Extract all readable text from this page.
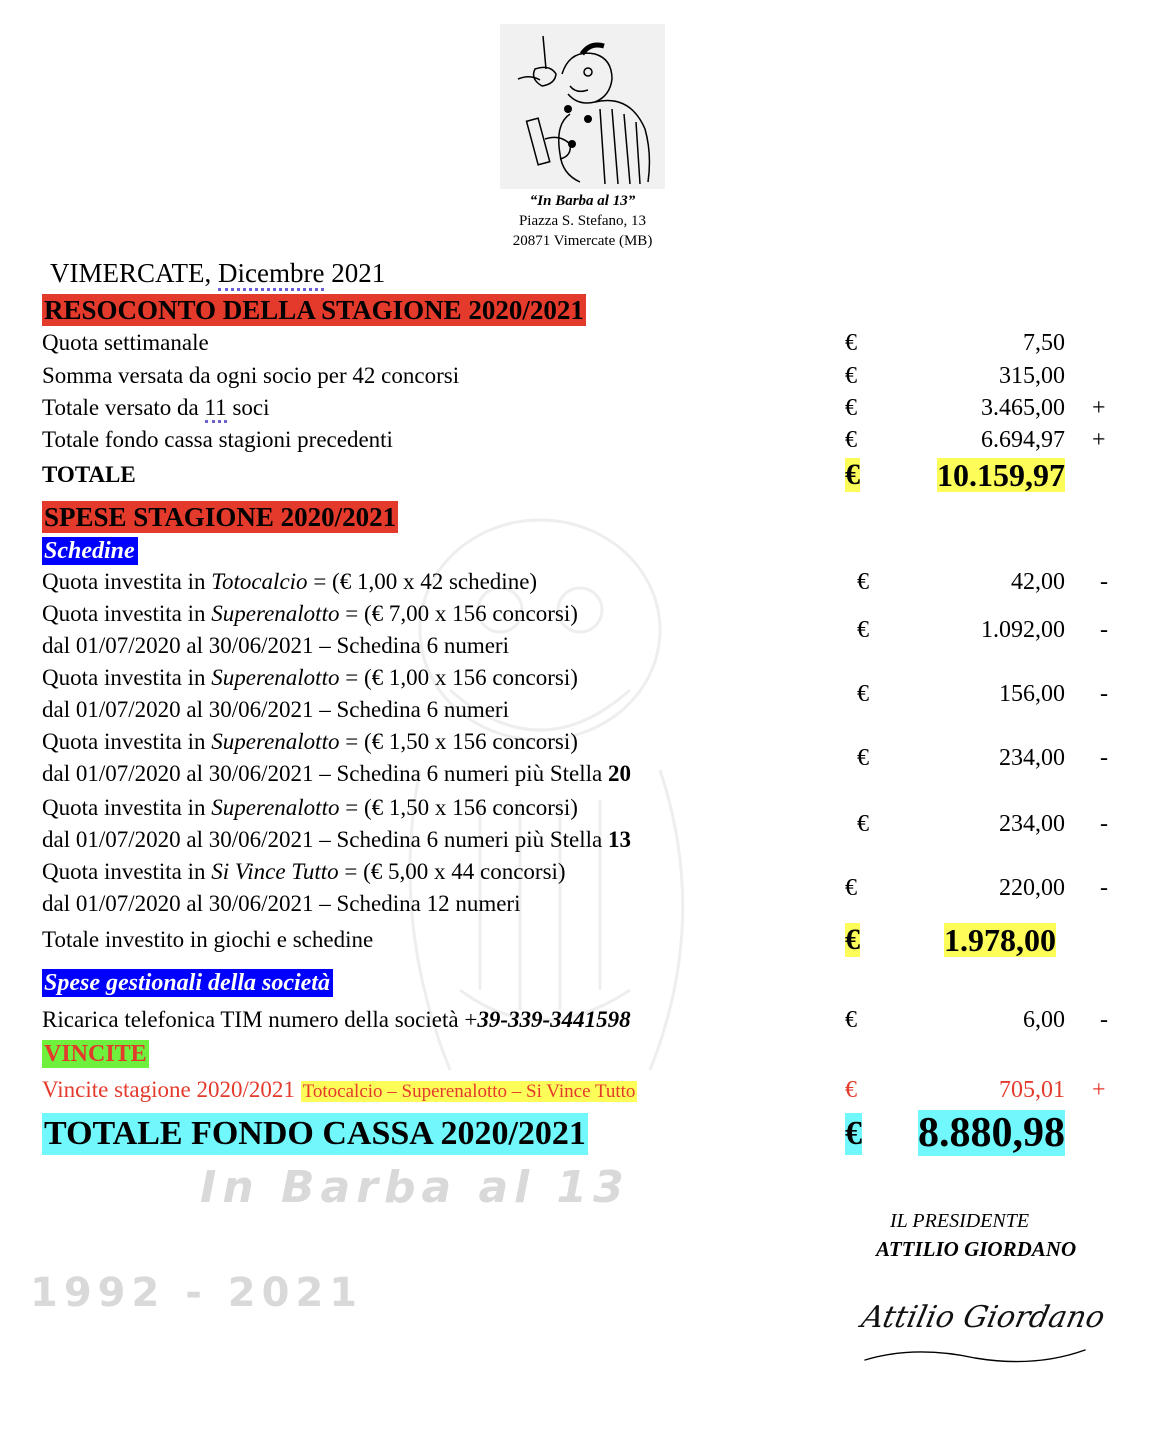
In Barba al 13
1992 - 2021
“In Barba al 13”
Piazza S. Stefano, 13
20871 Vimercate (MB)
VIMERCATE, Dicembre 2021
RESOCONTO DELLA STAGIONE 2020/2021
Quota settimanale	€	7,50
Somma versata da ogni socio per 42 concorsi	€	315,00
Totale versato da 11 soci	€	3.465,00 +
Totale fondo cassa stagioni precedenti	€	6.694,97 +
TOTALE	€ 10.159,97
SPESE STAGIONE 2020/2021
Schedine
Quota investita in Totocalcio = (€ 1,00 x 42 schedine)	€	42,00 -
Quota investita in Superenalotto = (€ 7,00 x 156 concorsi)
dal 01/07/2020 al 30/06/2021 – Schedina 6 numeri
€	1.092,00 -
Quota investita in Superenalotto = (€ 1,00 x 156 concorsi)
dal 01/07/2020 al 30/06/2021 – Schedina 6 numeri
€	156,00 -
Quota investita in Superenalotto = (€ 1,50 x 156 concorsi)
dal 01/07/2020 al 30/06/2021 – Schedina 6 numeri più Stella 20
€	234,00 -
Quota investita in Superenalotto = (€ 1,50 x 156 concorsi)
dal 01/07/2020 al 30/06/2021 – Schedina 6 numeri più Stella 13
€	234,00 -
Quota investita in Si Vince Tutto = (€ 5,00 x 44 concorsi)
dal 01/07/2020 al 30/06/2021 – Schedina 12 numeri
€	220,00 -
Totale investito in giochi e schedine	€	1.978,00
Spese gestionali della società
Ricarica telefonica TIM numero della società +39-339-3441598	€	6,00 -
VINCITE
Vincite stagione 2020/2021 Totocalcio – Superenalotto – Si Vince Tutto	€	705,01 +
TOTALE FONDO CASSA 2020/2021	€ 8.880,98
IL PRESIDENTE
ATTILIO GIORDANO
Attilio Giordano
